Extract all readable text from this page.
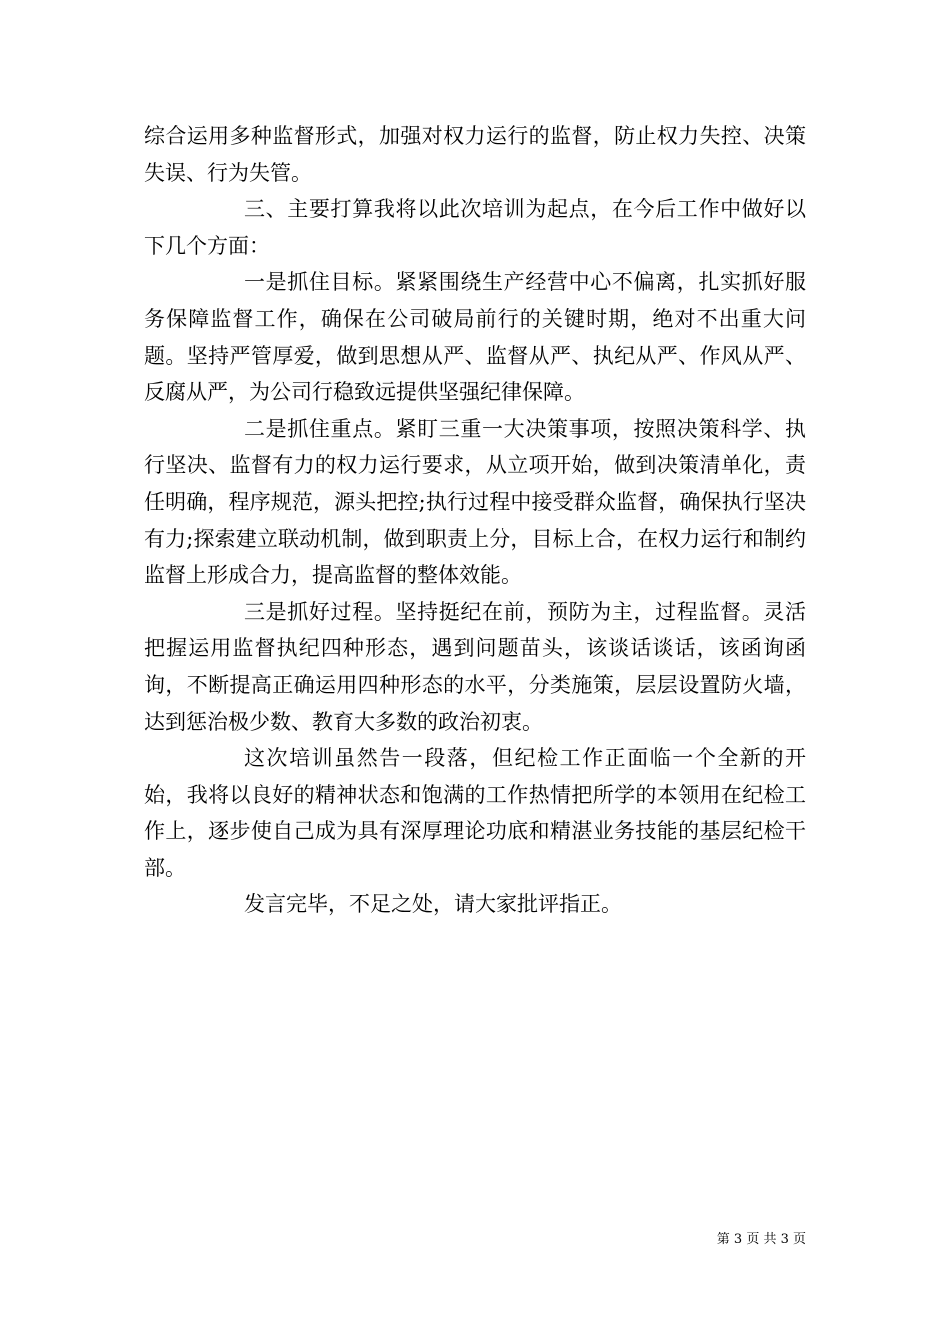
综合运用多种监督形式，加强对权力运行的监督，防止权力失控、决策失误、行为失管。

三、主要打算我将以此次培训为起点，在今后工作中做好以下几个方面：

一是抓住目标。紧紧围绕生产经营中心不偏离，扎实抓好服务保障监督工作，确保在公司破局前行的关键时期，绝对不出重大问题。坚持严管厚爱，做到思想从严、监督从严、执纪从严、作风从严、反腐从严，为公司行稳致远提供坚强纪律保障。

二是抓住重点。紧盯三重一大决策事项，按照决策科学、执行坚决、监督有力的权力运行要求，从立项开始，做到决策清单化，责任明确，程序规范，源头把控;执行过程中接受群众监督，确保执行坚决有力;探索建立联动机制，做到职责上分，目标上合，在权力运行和制约监督上形成合力，提高监督的整体效能。

三是抓好过程。坚持挺纪在前，预防为主，过程监督。灵活把握运用监督执纪四种形态，遇到问题苗头，该谈话谈话，该函询函询，不断提高正确运用四种形态的水平，分类施策，层层设置防火墙，达到惩治极少数、教育大多数的政治初衷。

这次培训虽然告一段落，但纪检工作正面临一个全新的开始，我将以良好的精神状态和饱满的工作热情把所学的本领用在纪检工作上，逐步使自己成为具有深厚理论功底和精湛业务技能的基层纪检干部。

发言完毕，不足之处，请大家批评指正。

第 3 页 共 3 页
